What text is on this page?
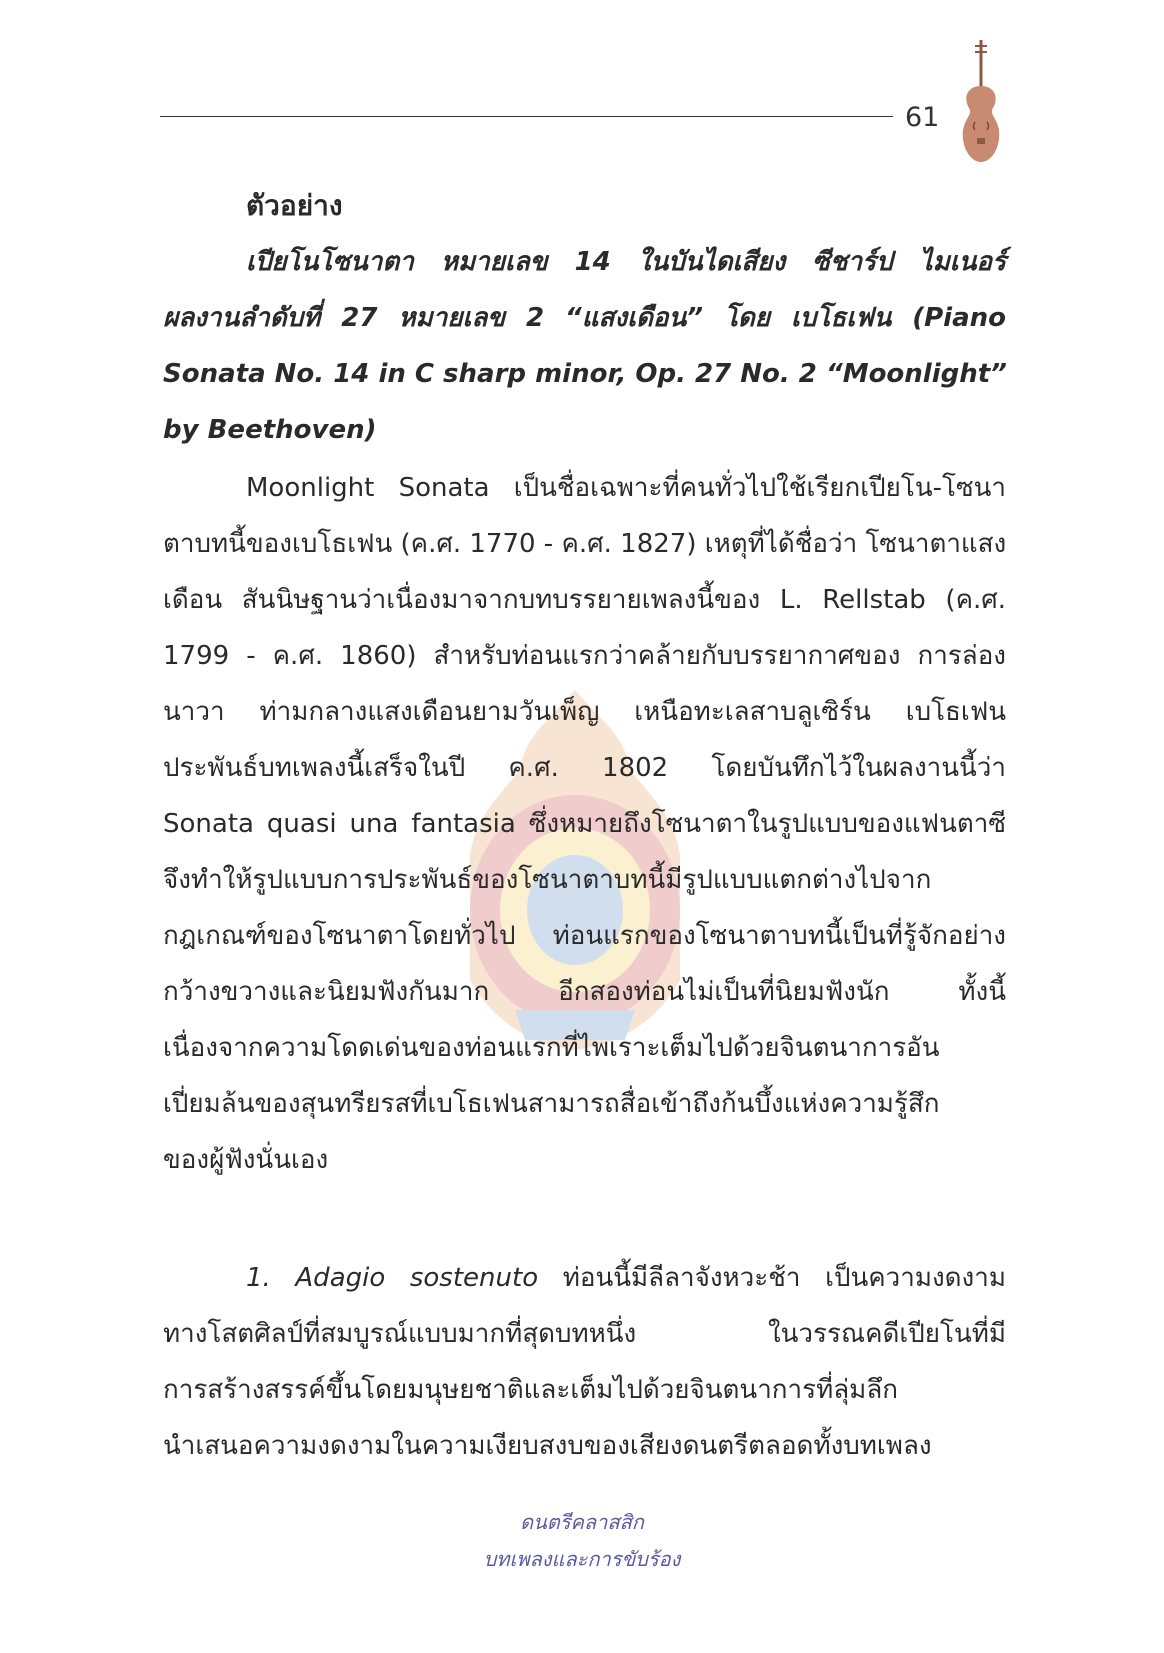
61
ตัวอย่าง
เปียโนโซนาตา หมายเลข 14 ในบันไดเสียง ซีชาร์ป ไมเนอร์
ผลงานลำดับที่ 27 หมายเลข 2 “แสงเดือน” โดย เบโธเฟน (Piano
Sonata No. 14 in C sharp minor, Op. 27 No. 2 “Moonlight”
by Beethoven)
Moonlight Sonata เป็นชื่อเฉพาะที่คนทั่วไปใช้เรียกเปียโน-โซนา
ตาบทนี้ของเบโธเฟน (ค.ศ. 1770 - ค.ศ. 1827) เหตุที่ได้ชื่อว่า โซนาตาแสง
เดือน สันนิษฐานว่าเนื่องมาจากบทบรรยายเพลงนี้ของ L. Rellstab (ค.ศ.
1799 - ค.ศ. 1860) สำหรับท่อนแรกว่าคล้ายกับบรรยากาศของ การล่อง
นาวา ท่ามกลางแสงเดือนยามวันเพ็ญ เหนือทะเลสาบลูเซิร์น เบโธเฟน
ประพันธ์บทเพลงนี้เสร็จในปี ค.ศ. 1802 โดยบันทึกไว้ในผลงานนี้ว่า
Sonata quasi una fantasia ซึ่งหมายถึงโซนาตาในรูปแบบของแฟนตาซี
จึงทำให้รูปแบบการประพันธ์ของโซนาตาบทนี้มีรูปแบบแตกต่างไปจาก
กฎเกณฑ์ของโซนาตาโดยทั่วไป ท่อนแรกของโซนาตาบทนี้เป็นที่รู้จักอย่าง
กว้างขวางและนิยมฟังกันมาก อีกสองท่อนไม่เป็นที่นิยมฟังนัก ทั้งนี้
เนื่องจากความโดดเด่นของท่อนแรกที่ไพเราะเต็มไปด้วยจินตนาการอัน
เปี่ยมล้นของสุนทรียรสที่เบโธเฟนสามารถสื่อเข้าถึงก้นบึ้งแห่งความรู้สึก
ของผู้ฟังนั่นเอง
1. Adagio sostenuto ท่อนนี้มีลีลาจังหวะช้า เป็นความงดงาม
ทางโสตศิลป์ที่สมบูรณ์แบบมากที่สุดบทหนึ่ง ในวรรณคดีเปียโนที่มี
การสร้างสรรค์ขึ้นโดยมนุษยชาติและเต็มไปด้วยจินตนาการที่ลุ่มลึก
นำเสนอความงดงามในความเงียบสงบของเสียงดนตรีตลอดทั้งบทเพลง
ดนตรีคลาสสิก
บทเพลงและการขับร้อง
